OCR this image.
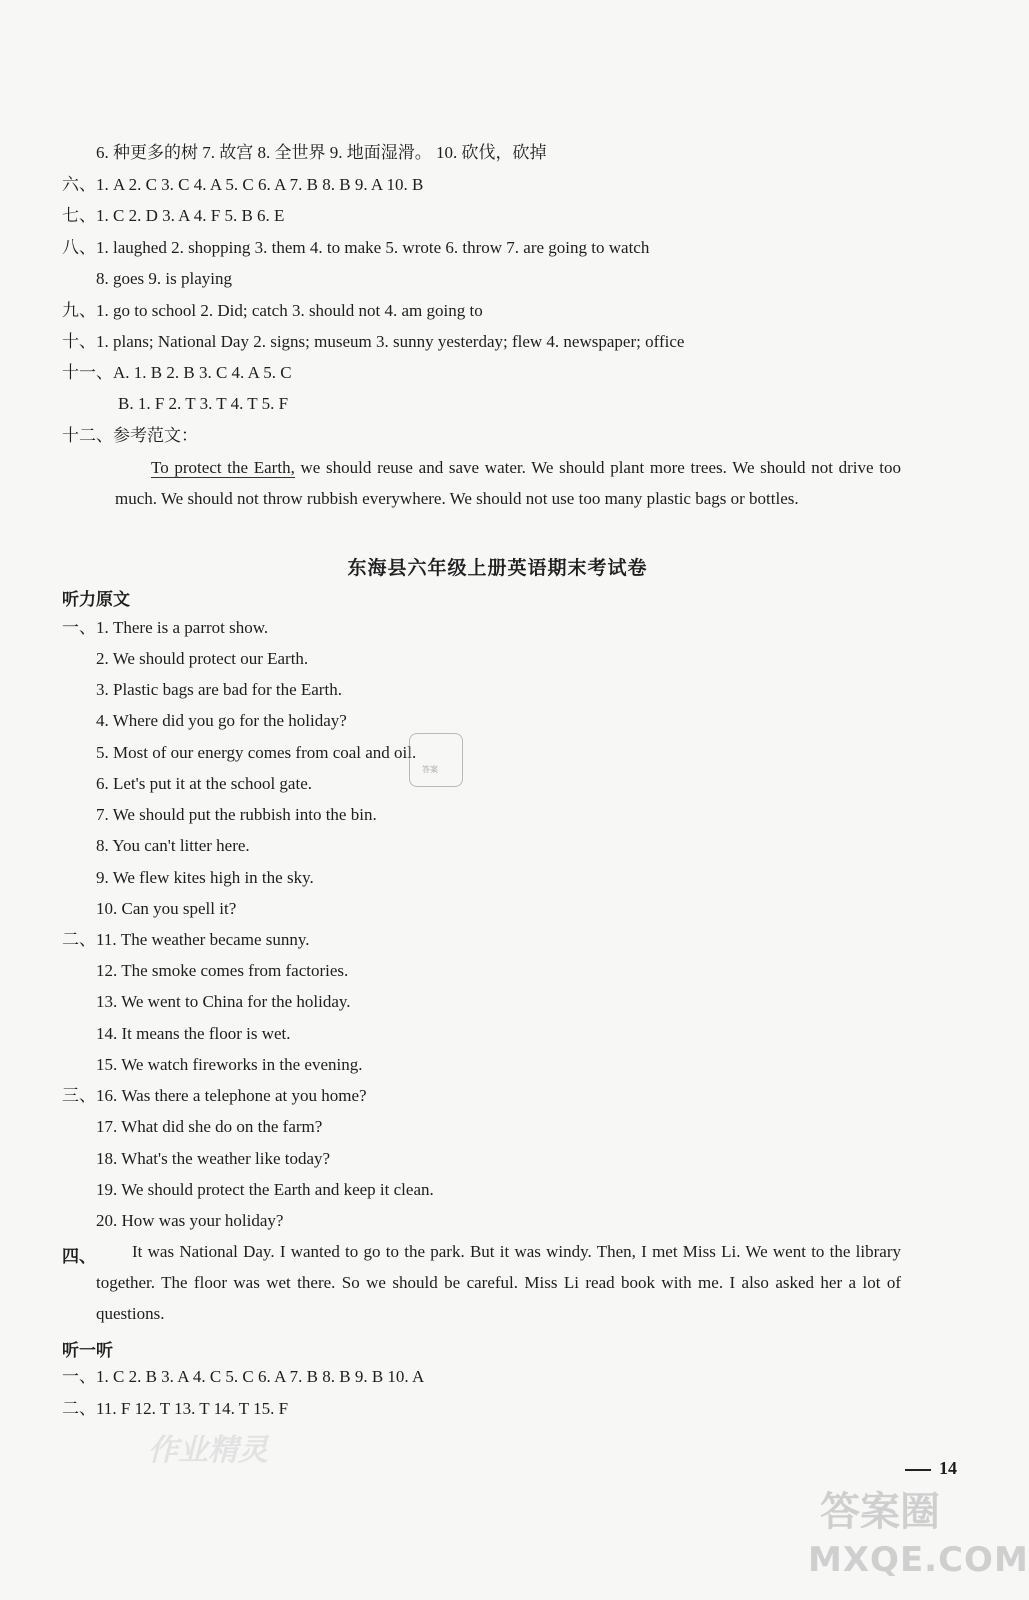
6. 种更多的树 7. 故宫 8. 全世界 9. 地面湿滑。 10. 砍伐，砍掉
六、1. A 2. C 3. C 4. A 5. C 6. A 7. B 8. B 9. A 10. B
七、1. C 2. D 3. A 4. F 5. B 6. E
八、1. laughed 2. shopping 3. them 4. to make 5. wrote 6. throw 7. are going to watch
8. goes 9. is playing
九、1. go to school 2. Did; catch 3. should not 4. am going to
十、1. plans; National Day 2. signs; museum 3. sunny yesterday; flew 4. newspaper; office
十一、A. 1. B 2. B 3. C 4. A 5. C
B. 1. F 2. T 3. T 4. T 5. F
十二、参考范文：
To protect the Earth, we should reuse and save water. We should plant more trees. We should not drive too much. We should not throw rubbish everywhere. We should not use too many plastic bags or bottles.
东海县六年级上册英语期末考试卷
听力原文
一、1. There is a parrot show.
2. We should protect our Earth.
3. Plastic bags are bad for the Earth.
4. Where did you go for the holiday?
5. Most of our energy comes from coal and oil.
6. Let's put it at the school gate.
7. We should put the rubbish into the bin.
8. You can't litter here.
9. We flew kites high in the sky.
10. Can you spell it?
二、11. The weather became sunny.
12. The smoke comes from factories.
13. We went to China for the holiday.
14. It means the floor is wet.
15. We watch fireworks in the evening.
三、16. Was there a telephone at you home?
17. What did she do on the farm?
18. What's the weather like today?
19. We should protect the Earth and keep it clean.
20. How was your holiday?
四、	It was National Day. I wanted to go to the park. But it was windy. Then, I met Miss Li. We went to the library together. The floor was wet there. So we should be careful. Miss Li read book with me. I also asked her a lot of questions.
听一听
一、1. C 2. B 3. A 4. C 5. C 6. A 7. B 8. B 9. B 10. A
二、11. F 12. T 13. T 14. T 15. F
答案
14
作业精灵
答案圈
MXQE.COM
